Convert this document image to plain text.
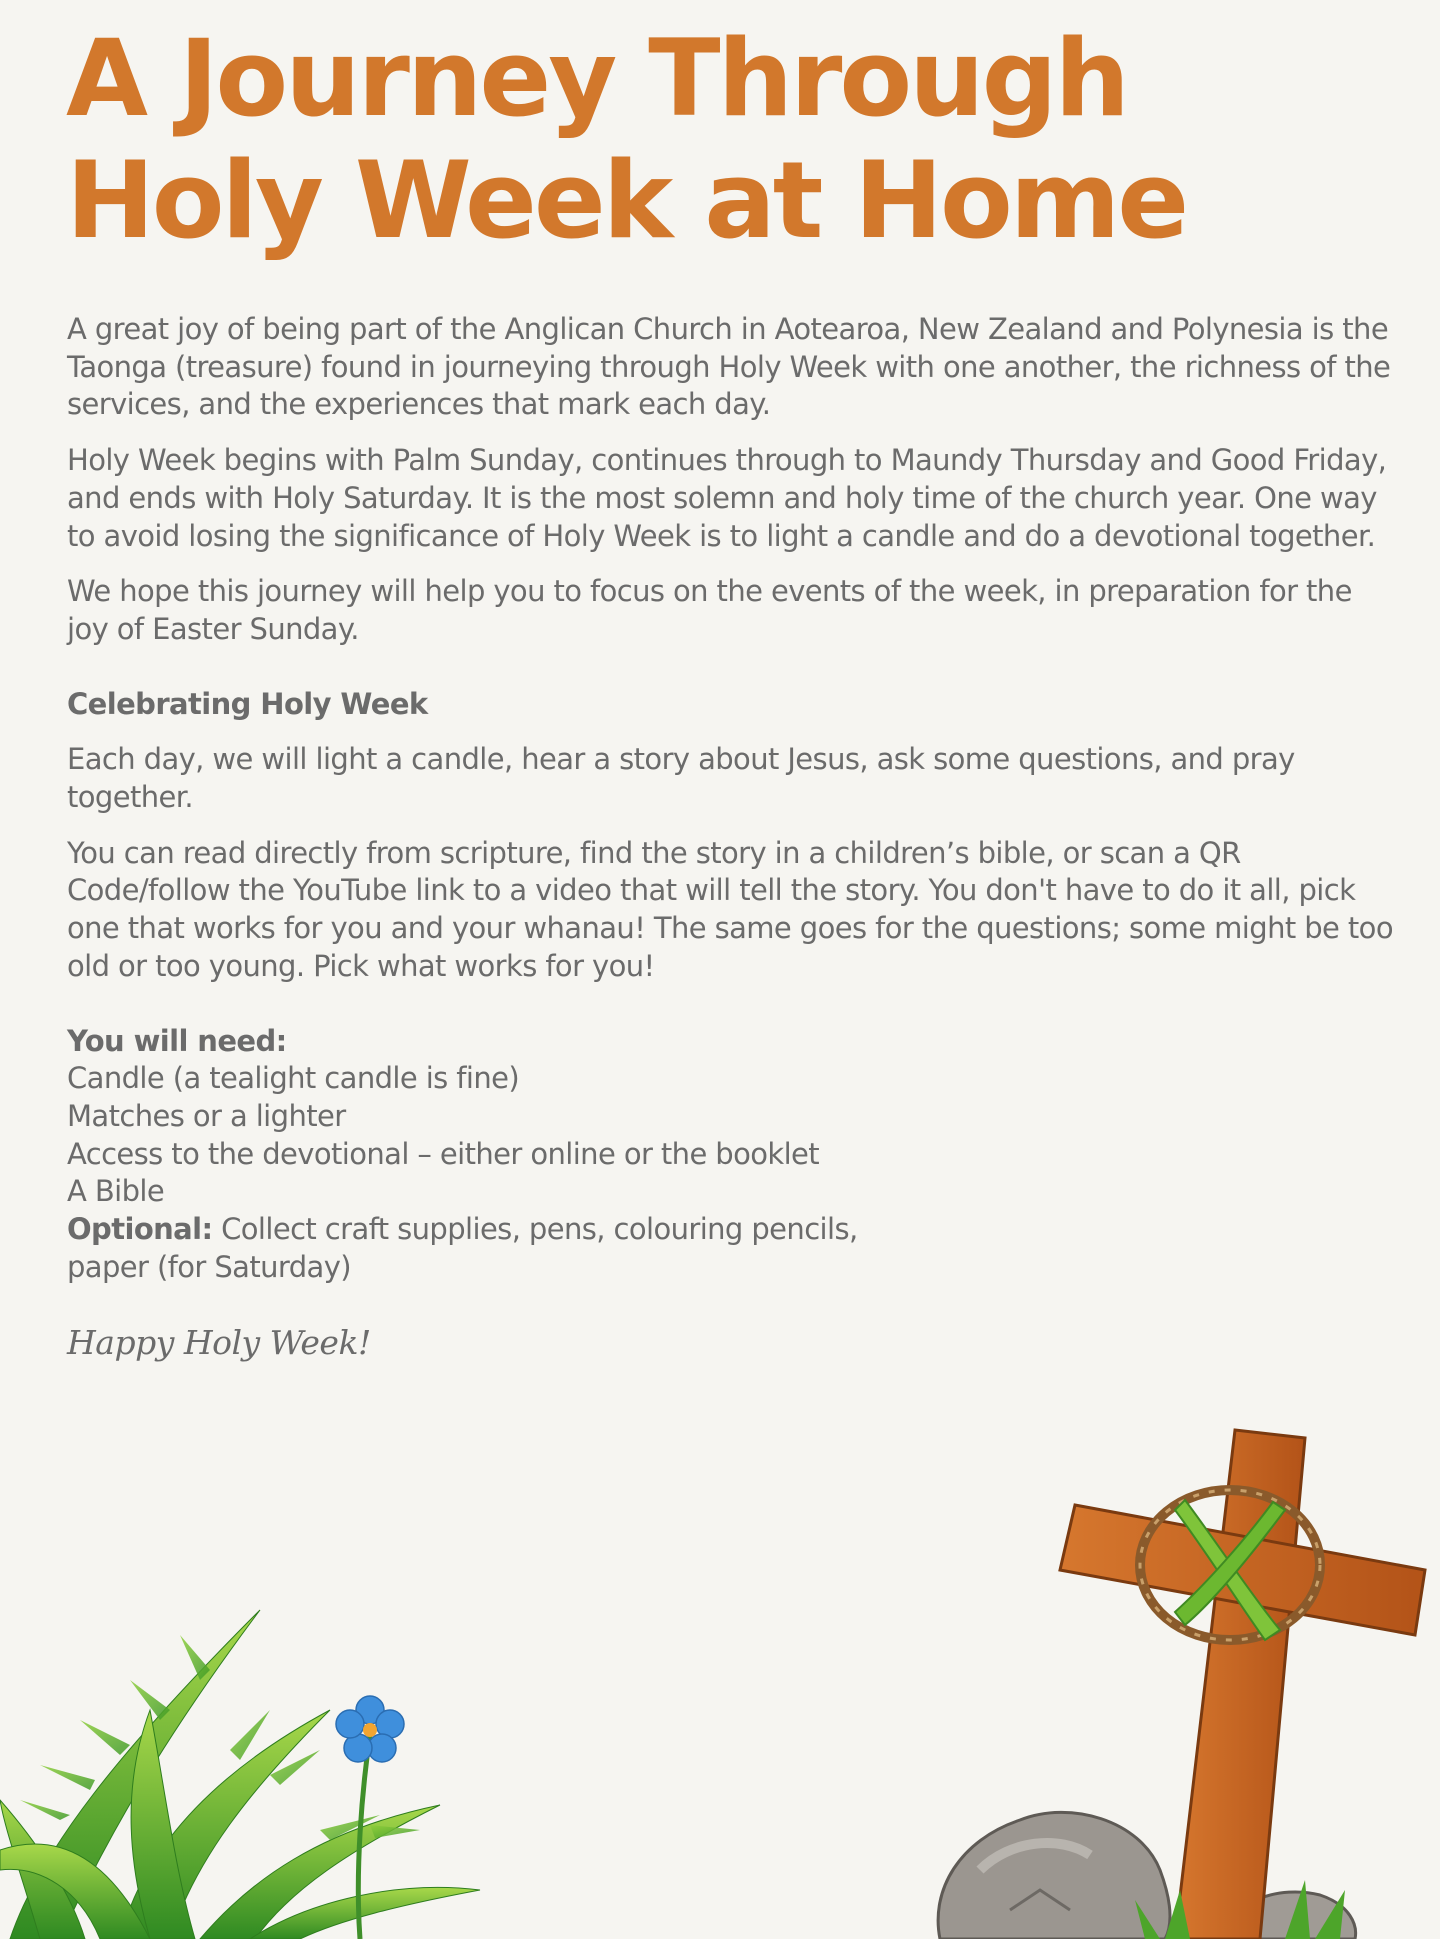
A Journey Through
Holy Week at Home

A great joy of being part of the Anglican Church in Aotearoa, New Zealand and Polynesia is the Taonga (treasure) found in journeying through Holy Week with one another, the richness of the services, and the experiences that mark each day.

Holy Week begins with Palm Sunday, continues through to Maundy Thursday and Good Friday, and ends with Holy Saturday. It is the most solemn and holy time of the church year. One way to avoid losing the significance of Holy Week is to light a candle and do a devotional together.

We hope this journey will help you to focus on the events of the week, in preparation for the joy of Easter Sunday.

Celebrating Holy Week

Each day, we will light a candle, hear a story about Jesus, ask some questions, and pray together.

You can read directly from scripture, find the story in a children’s bible, or scan a QR Code/follow the YouTube link to a video that will tell the story. You don't have to do it all, pick one that works for you and your whanau! The same goes for the questions; some might be too old or too young. Pick what works for you!

You will need:

Candle (a tealight candle is fine)

Matches or a lighter

Access to the devotional – either online or the booklet

A Bible

Optional: Collect craft supplies, pens, colouring pencils, paper (for Saturday)

Happy Holy Week!
